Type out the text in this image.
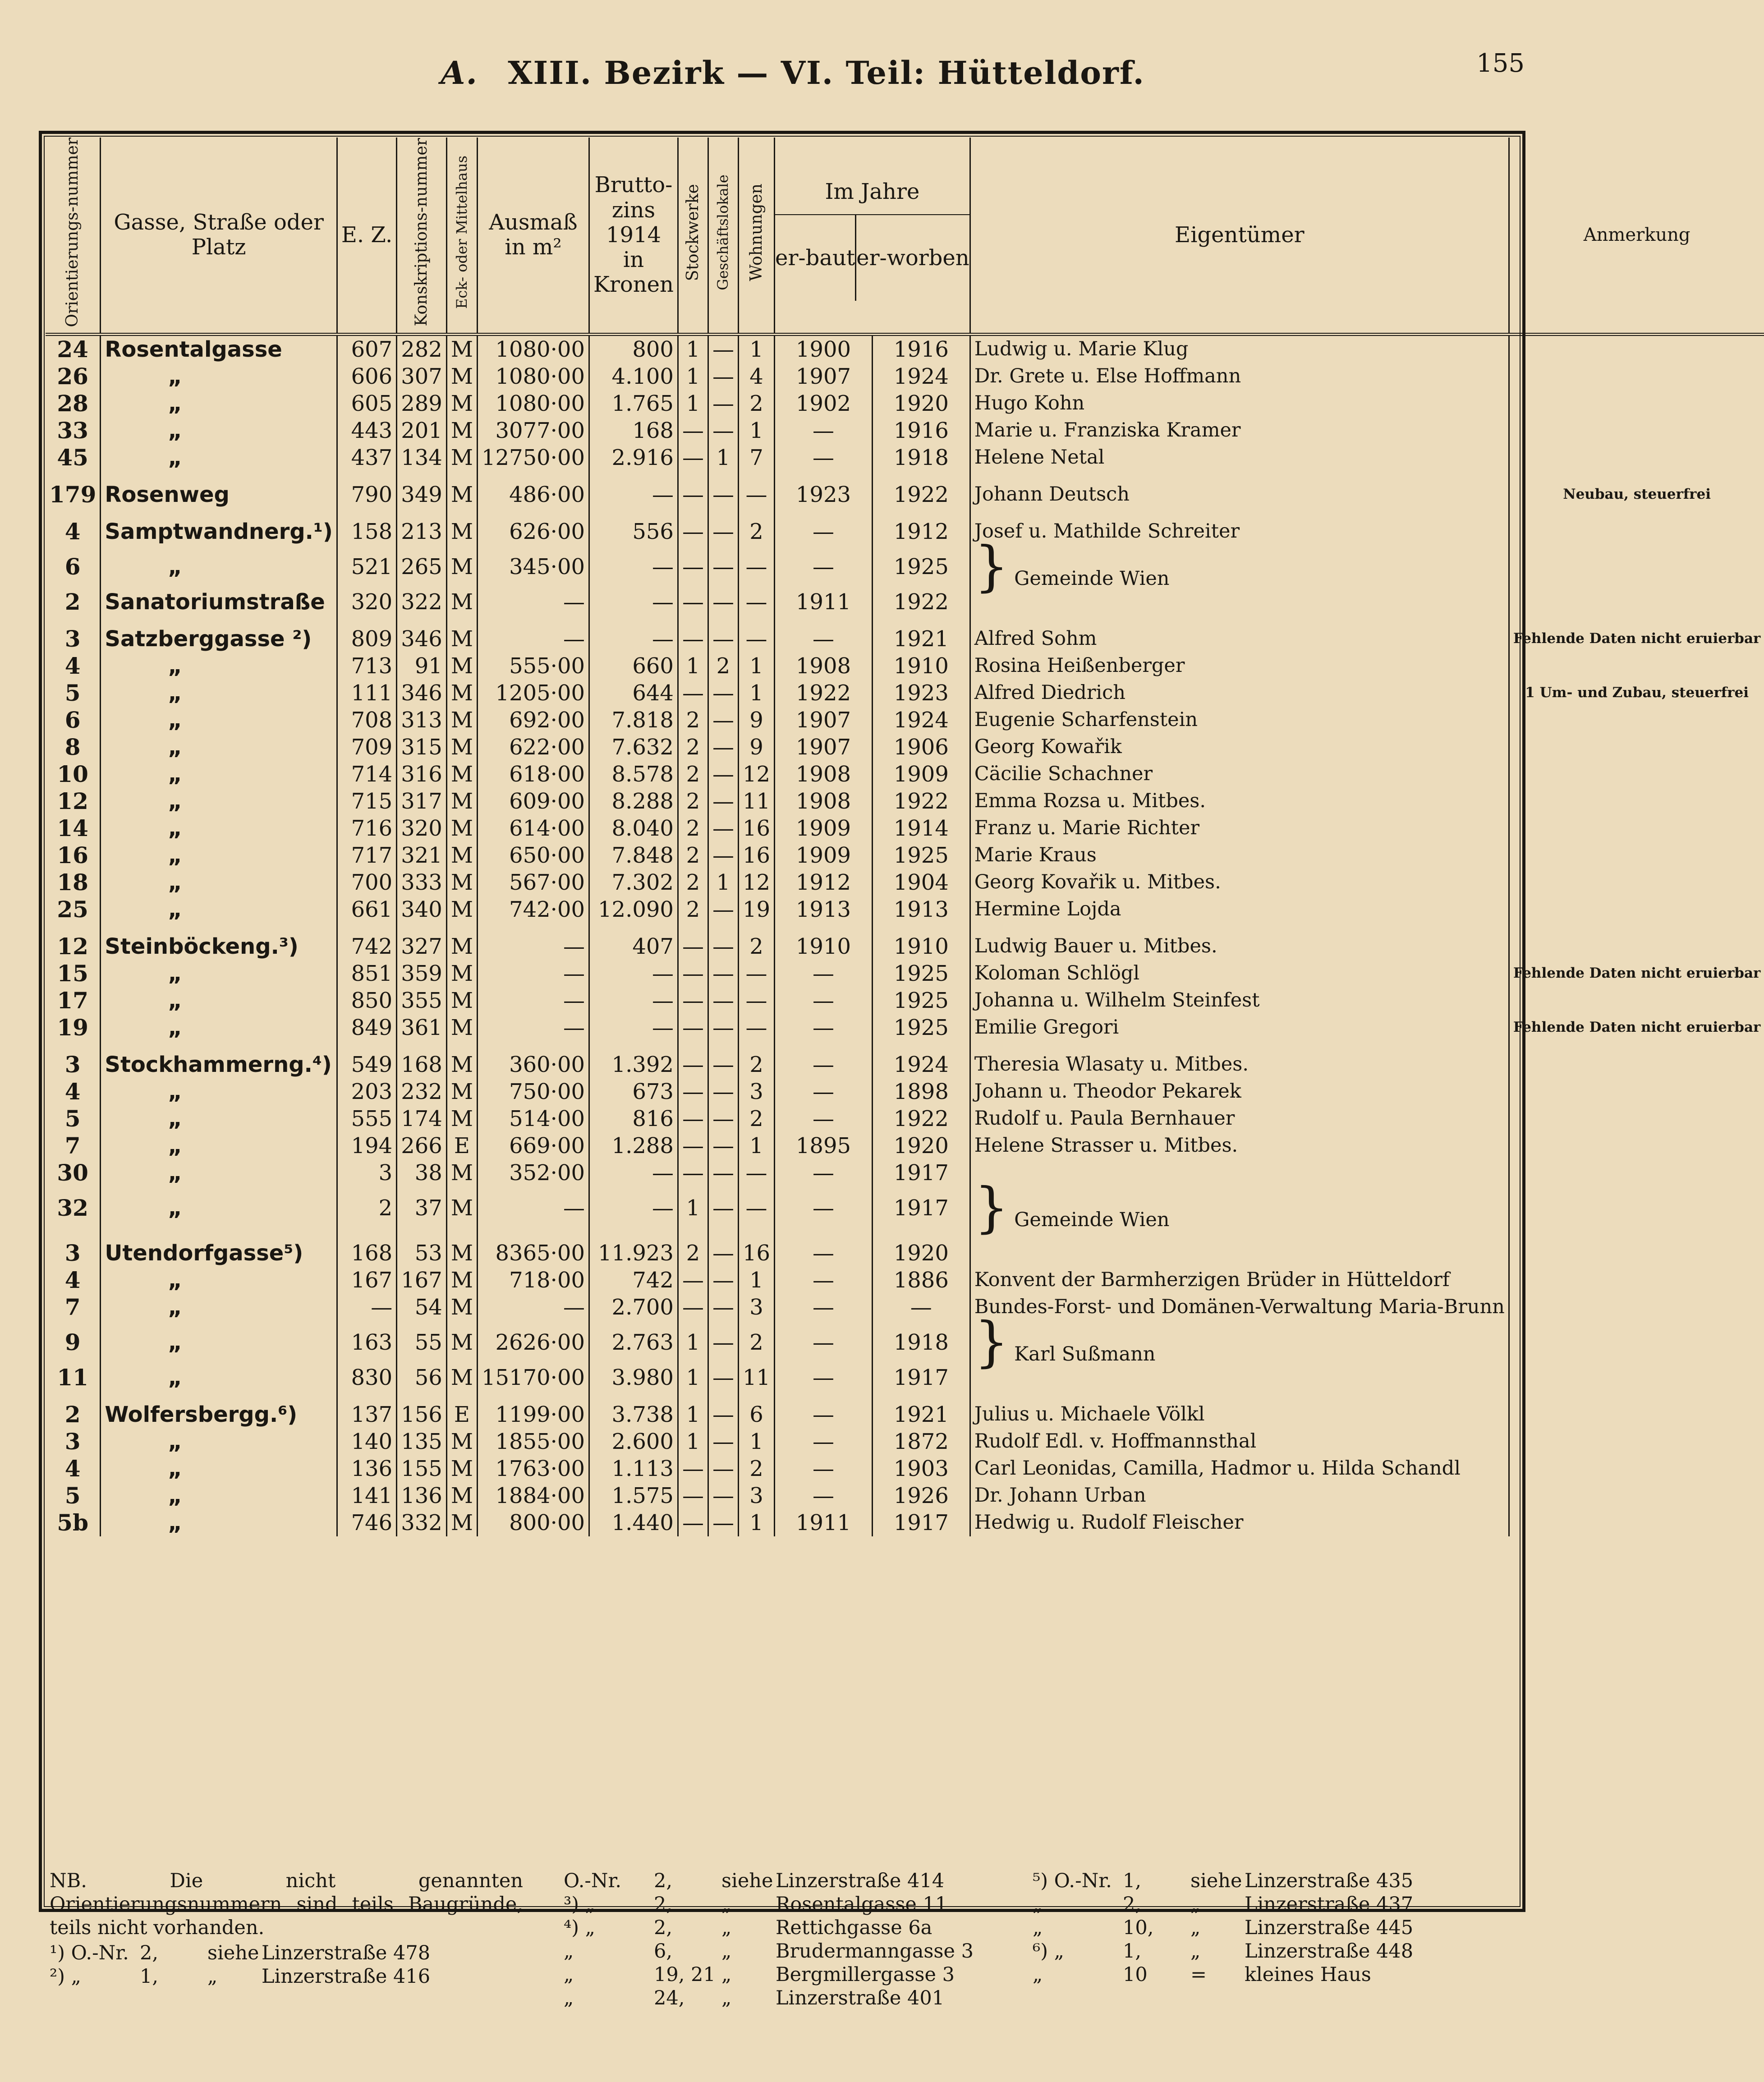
A. XIII. Bezirk — VI. Teil: Hütteldorf.	155
Orientierungs-nummer	Gasse, Straße oder Platz	E. Z.	Konskriptions-nummer	Eck- oder Mittelhaus	Ausmaß in m²	Brutto-zins 1914 in Kronen	Stockwerke	Geschäftslokale	Wohnungen	Im Jahre
er-baut er-worben		Eigentümer	Anmerkung
24	Rosentalgasse	607	282	M	1080·00	800	1	—	1	1900	1916	Ludwig u. Marie Klug	
26	„	606	307	M	1080·00	4.100	1	—	4	1907	1924	Dr. Grete u. Else Hoffmann	
28	„	605	289	M	1080·00	1.765	1	—	2	1902	1920	Hugo Kohn	
33	„	443	201	M	3077·00	168	—	—	1	—	1916	Marie u. Franziska Kramer	
45	„	437	134	M	12750·00	2.916	—	1	7	—	1918	Helene Netal	
179	Rosenweg	790	349	M	486·00	—	—	—	—	1923	1922	Johann Deutsch	Neubau, steuerfrei
4	Samptwandnerg.¹)	158	213	M	626·00	556	—	—	2	—	1912	Josef u. Mathilde Schreiter	
6	„	521	265	M	345·00	—	—	—	—	—	1925	} Gemeinde Wien	
2	Sanatoriumstraße	320	322	M	—	—	—	—	—	1911	1922		
3	Satzberggasse ²)	809	346	M	—	—	—	—	—	—	1921	Alfred Sohm	Fehlende Daten nicht eruierbar
4	„	713	91	M	555·00	660	1	2	1	1908	1910	Rosina Heißenberger	
5	„	111	346	M	1205·00	644	—	—	1	1922	1923	Alfred Diedrich	1 Um- und Zubau, steuerfrei
6	„	708	313	M	692·00	7.818	2	—	9	1907	1924	Eugenie Scharfenstein	
8	„	709	315	M	622·00	7.632	2	—	9	1907	1906	Georg Kowařik	
10	„	714	316	M	618·00	8.578	2	—	12	1908	1909	Cäcilie Schachner	
12	„	715	317	M	609·00	8.288	2	—	11	1908	1922	Emma Rozsa u. Mitbes.	
14	„	716	320	M	614·00	8.040	2	—	16	1909	1914	Franz u. Marie Richter	
16	„	717	321	M	650·00	7.848	2	—	16	1909	1925	Marie Kraus	
18	„	700	333	M	567·00	7.302	2	1	12	1912	1904	Georg Kovařik u. Mitbes.	
25	„	661	340	M	742·00	12.090	2	—	19	1913	1913	Hermine Lojda	
12	Steinböckeng.³)	742	327	M	—	407	—	—	2	1910	1910	Ludwig Bauer u. Mitbes.	
15	„	851	359	M	—	—	—	—	—	—	1925	Koloman Schlögl	Fehlende Daten nicht eruierbar
17	„	850	355	M	—	—	—	—	—	—	1925	Johanna u. Wilhelm Steinfest	
19	„	849	361	M	—	—	—	—	—	—	1925	Emilie Gregori	Fehlende Daten nicht eruierbar
3	Stockhammerng.⁴)	549	168	M	360·00	1.392	—	—	2	—	1924	Theresia Wlasaty u. Mitbes.	
4	„	203	232	M	750·00	673	—	—	3	—	1898	Johann u. Theodor Pekarek	
5	„	555	174	M	514·00	816	—	—	2	—	1922	Rudolf u. Paula Bernhauer	
7	„	194	266	E	669·00	1.288	—	—	1	1895	1920	Helene Strasser u. Mitbes.	
30	„	3	38	M	352·00	—	—	—	—	—	1917		
32	„	2	37	M	—	—	1	—	—	—	1917	} Gemeinde Wien	
3	Utendorfgasse⁵)	168	53	M	8365·00	11.923	2	—	16	—	1920		
4	„	167	167	M	718·00	742	—	—	1	—	1886	Konvent der Barmherzigen Brüder in Hütteldorf	
7	„	—	54	M	—	2.700	—	—	3	—	—	Bundes-Forst- und Domänen-Verwaltung Maria-Brunn	
9	„	163	55	M	2626·00	2.763	1	—	2	—	1918	} Karl Sußmann	
11	„	830	56	M	15170·00	3.980	1	—	11	—	1917		
2	Wolfersbergg.⁶)	137	156	E	1199·00	3.738	1	—	6	—	1921	Julius u. Michaele Völkl	
3	„	140	135	M	1855·00	2.600	1	—	1	—	1872	Rudolf Edl. v. Hoffmannsthal	
4	„	136	155	M	1763·00	1.113	—	—	2	—	1903	Carl Leonidas, Camilla, Hadmor u. Hilda Schandl	
5	„	141	136	M	1884·00	1.575	—	—	3	—	1926	Dr. Johann Urban	
5b	„	746	332	M	800·00	1.440	—	—	1	1911	1917	Hedwig u. Rudolf Fleischer	
NB. Die nicht genannten Orientierungsnummern sind teils Baugründe, teils nicht vorhanden.
¹) O.-Nr. 2,	siehe Linzerstraße 478
²) „	1,	„	Linzerstraße 416
O.-Nr.	2,	siehe Linzerstraße 414
³) „	2,	„	Rosentalgasse 11
⁴) „	2,	„	Rettichgasse 6a
„	6,	„	Brudermanngasse 3
„	19, 21 „	Bergmillergasse 3
„	24,	„	Linzerstraße 401
⁵) O.-Nr. 1,	siehe Linzerstraße 435
„	2,	„	Linzerstraße 437
„	10,	„	Linzerstraße 445
⁶) „	1,	„	Linzerstraße 448
„	10	=	kleines Haus
